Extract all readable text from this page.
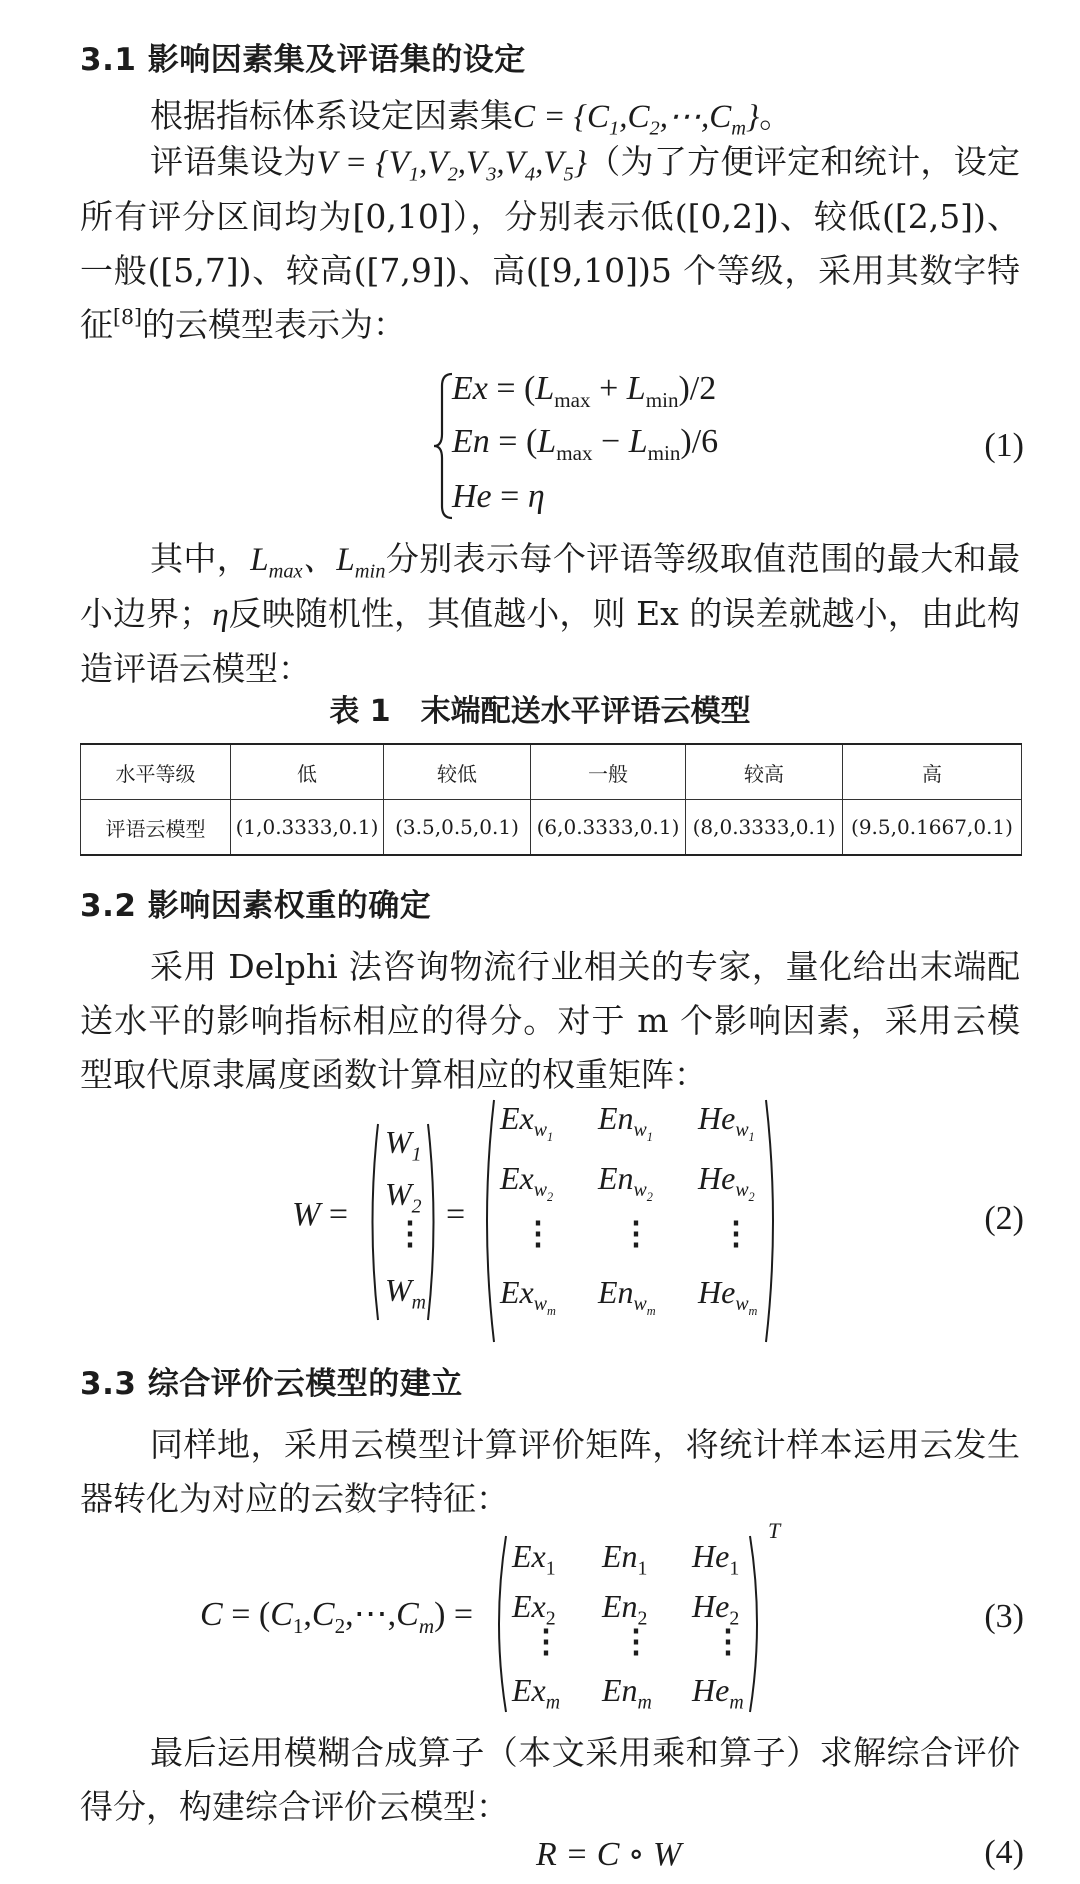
3.1 影响因素集及评语集的设定
根据指标体系设定因素集$C = \{C_1,C_2,\cdots,C_m\}$。
评语集设为$V = \{V_1,V_2,V_3,V_4,V_5\}$（为了方便评定和统计，设定所有评分区间均为[0,10]），分别表示低([0,2])、较低([2,5])、一般([5,7])、较高([7,9])、高([9,10])5 个等级，采用其数字特征[8]的云模型表示为：
$Ex = (L_{max} + L_{min})/2$
$En = (L_{max} - L_{min})/6$
He = η
(1)
其中，$L_{max}$、$L_{min}$分别表示每个评语等级取值范围的最大和最小边界；η反映随机性，其值越小，则 Ex 的误差就越小，由此构造评语云模型：
表 1　末端配送水平评语云模型
水平等级	低	较低	一般	较高	高
评语云模型	(1,0.3333,0.1)	(3.5,0.5,0.1)	(6,0.3333,0.1)	(8,0.3333,0.1)	(9.5,0.1667,0.1)
3.2 影响因素权重的确定
采用 Delphi 法咨询物流行业相关的专家，量化给出末端配送水平的影响指标相应的得分。对于 m 个影响因素，采用云模型取代原隶属度函数计算相应的权重矩阵：
W =
$W_1$
$W_2$
⋮
$W_m$
=
$Ex_{w_1}$
$En_{w_1}$
$He_{w_1}$
$Ex_{w_2}$
$En_{w_2}$
$He_{w_2}$
⋮ ⋮ ⋮
$Ex_{w_m}$
$En_{w_m}$
$He_{w_m}$
(2)
3.3 综合评价云模型的建立
同样地，采用云模型计算评价矩阵，将统计样本运用云发生器转化为对应的云数字特征：
$C = (C_1,C_2,\cdots,C_m)$ =
$Ex_1$ $En_1$ $He_1$
$Ex_2$ $En_2$ $He_2$
⋮ ⋮ ⋮
$Ex_m$ $En_m$ $He_m$
T
(3)
最后运用模糊合成算子（本文采用乘和算子）求解综合评价得分，构建综合评价云模型：
R = C ∘ W	(4)
